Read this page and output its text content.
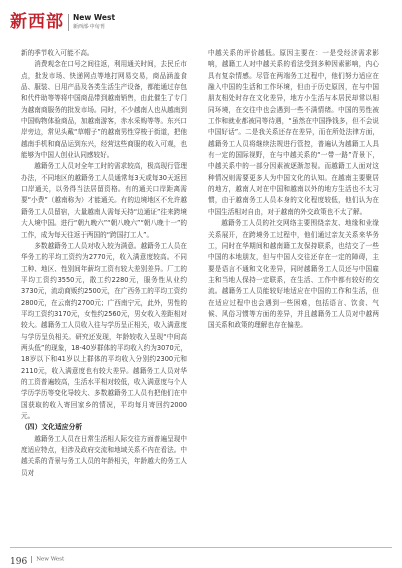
新西部 New West
新西部·中旬刊

新的季节收入可能不高。

消费观念在口号之间往返，利用通关时间，去民丘市点，批发市场、快递网点等地打网易交易，商品涵盖食品、服装、日用产品及各类生活生产设备，都能通过存包和代件助等等将中国商品带到越南销售，由此催生了专门为越南商服务的批发市场。同时，不少越南人也从越南到中国购物体验商品，加越南游客，赤水采购等等。东兴口岸旁边，常见头戴“草帽子”的越南男性穿梭于街道，把他越南手机和商品运到东兴，经营这些商服的收入可观，也能够为中国人创业认同感较好。

越籍务工人员对全年工时的需求较高，极高现行管理办法，不同地区的越籍务工人员通常每3天或每30天返回口岸通关，以务得当法居留资格。有的通关口岸距离需要“小费”（越南称为）才能通关。有的边境地区不允许越籍务工人员留宿，大量越南人需每天持“边通证”往来跨境大人境中国。进行“朝九晚六”“朝八晚六”“朝八晚十一”的工作，成为每天往返于两国的“跨国打工人”。

多数越籍务工人员对收入较为满意。越籍务工人员在华务工的平均工资约为2770元，收入满意度较高。不同工种、地区、性别间年薪均工资有较大差别差异。厂工的平均工资约3550元，散工约2280元，服务性从业约3730元，流动商贩约2500元，在广西务工的平均工资约2800元，在云南约2700元；广西南宁元，此外，男性的平均工资约3170元，女性约2560元，男女收入差距相对较大。越籍务工人员收入往与学历呈正相关，收入满意度与学历呈负相关。研究还发现，年龄较收入呈现“中间高两头低”的现象，18-40岁群体的平均收入约为3070元，18岁以下和41岁以上群体的平均收入分别约2300元和2110元，收入满意度也有较大差异。越籍务工人员对华的工资普遍较高，生活水平相对较低，收入满意度与个人学历学历等变化导较大、多数越籍务工人员有把他们在中国获取的收入寄回家乡的情况，平均每月寄回约2000元。

（四）文化适应分析

越籍务工人员在日常生活相人际交往方面普遍呈现中度适应特点，但涉及政府交流和地域关系不内在看法。中越关系的背景与务工人员的年龄相关，年龄越大的务工人员对

中越关系的评价越低。原因主要在：一是受经济需求影响，越籍工人对中越关系的看法受到多种因素影响，内心具有复杂情感。尽管在两端务工过程中，他们努力适应在融入中国的生活和工作环境，但由于历史原因，在与中国朋友相处时存在文化差异，地方小生活与本居民却常以相同环境，在交往中也会遇到一些不满情绪。中国的男性被工作和就业都被同等待遇，“虽然在中国挣钱多，但不会说中国好话”。二是我关系还存在差异，而在所处法律方面，越籍务工人员将继续法规进行管控，普遍认为越籍工人具有一定的国际视野，在与中越关系的“一带一路”背景下，中越关系中的一部分因素被逐渐忽视。而越籍工人面对这种情况则需要更多人为中国文化的认知。在越南主要聚居的地方，越南人对在中国和越南以外的地方生活也不太习惯，由于越南务工人员本身的文化程度较低，他们认为在中国生活相对自由，对于越南的外交政策也不太了解。

越籍务工人员的社交网络主要围绕亲友、地缘和业缘关系展开，在跨境务工过程中，他们通过亲友关系来华务工，同时在华期间和越南籍工友保持联系，也结交了一些中国的本地朋友，但与中国人交往还存在一定的障碍，主要是语言不通和文化差异，同时越籍务工人员还与中国雇主和当地人保持一定联系，在生活、工作中都有较好的交流。越籍务工人员能较好地适应在中国的工作和生活，但在适应过程中也会遇到一些困难，包括语言、饮食、气候、风俗习惯等方面的差异，并且越籍务工人员对中越两国关系和政策的理解也存在偏差。

196 New West
